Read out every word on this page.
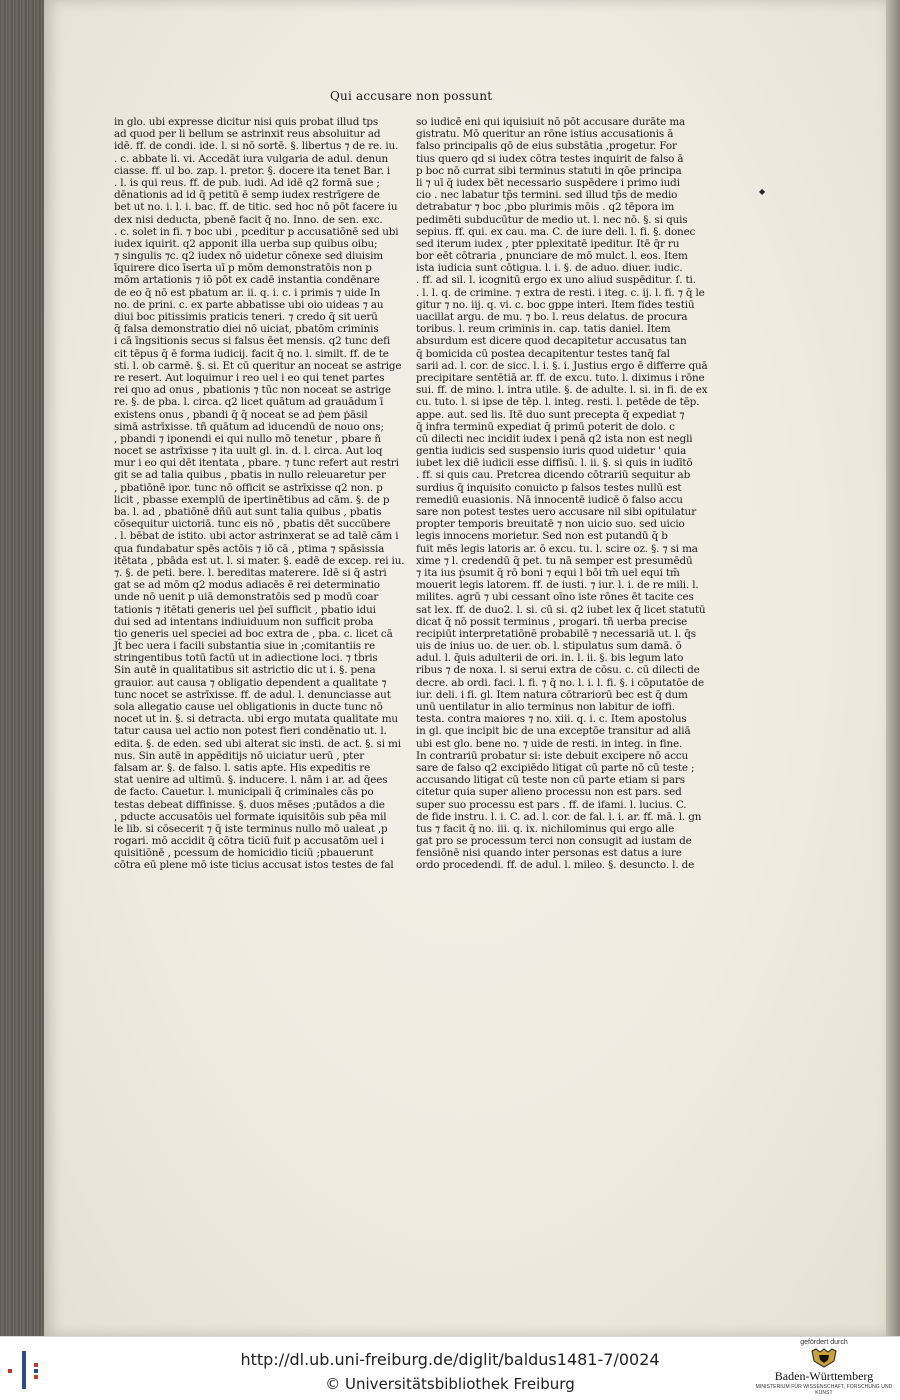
Qui accusare non possunt
in glo. ubi expresse dicitur nisi quis probat illud tps
ad quod per li bellum se astrinxit reus absoluitur ad
idē. ff. de condi. ide. l. si nō sortē. §. libertus ⁊ de re. iu.
. c. abbate li. vi. Accedāt iura vulgaria de adul. denun
ciasse. ff. ul bo. zap. l. pretor. §. docere ita tenet Bar. i
. l. is qui reus. ff. de pub. iudi. Ad idē q2 formā sue ;
dēnationis ad id q̄ petitū ē semp iudex restrīgere de
bet ut no. i. l. i. bac. ff. de titic. sed hoc nō pōt facere iu
dex nisi deducta, pbenē facit q̄ no. Inno. de sen. exc.
. c. solet in fi. ⁊ boc ubi , pceditur p accusatiōnē sed ubi
iudex iquirit. q2 apponit illa uerba sup quibus oibu;
⁊ singulis ⁊c. q2 iudex nō uidetur cōnexe sed diuisim
īquirere dico īserta uī p mōm demonstratōis non p
mōm artationis ⁊ iō pōt ex cadē instantia condēnare
de eo q̄ nō est pbatum ar. ii. q. i. c. i primis ⁊ uide In
no. de prini. c. ex parte abbatisse ubi oio uideas ⁊ au
diui boc pitissimis praticis teneri. ⁊ credo q̄ sit uerū
q̄ falsa demonstratio diei nō uiciat, pbatōm criminis
i cā īngsitionis secus si falsus ēet mensis. q2 tunc defi
cit tēpus q̄ ē forma iudicij. facit q̄ no. l. similt. ff. de te
sti. l. ob carmē. §. si. Et cū queritur an noceat se astrige
re resert. Aut loquimur i reo uel i eo qui tenet partes
rei quo ad onus , pbationis ⁊ tūc non noceat se astrige
re. §. de pba. l. circa. q2 licet quātum ad grauādum ī
existens onus , pbandi q̄ q̄ noceat se ad ṗem ṗāsil
simā astrīxisse. tñ quātum ad iducendū de nouo ons;
, pbandi ⁊ iponendi ei qui nullo mō tenetur , pbare ñ
nocet se astrīxisse ⁊ ita uult gl. in. d. l. circa. Aut loq
mur i eo qui dēt itentata , pbare. ⁊ tunc refert aut restri
git se ad talia quibus , pbatis in nullo releuaretur per
, pbatiōnē ipor. tunc nō officit se astrīxisse q2 non. p
licit , pbasse exemplū de ipertinētibus ad cām. §. de p
ba. l. ad , pbatiōnē dñū aut sunt talia quibus , pbatis
cōsequitur uictoriā. tunc eis nō , pbatis dēt succūbere
. l. bēbat de istito. ubi actor astrinxerat se ad talē cām i
qua fundabatur spēs actōis ⁊ iō cā , ptima ⁊ spāsissia
itētata , pbāda est ut. l. si mater. §. eadē de excep. rei iu.
⁊. §. de peti. bere. l. bereditas materere. Idē si q̄ astri
gat se ad mōm q2 modus adiacēs ē rei determinatio
unde nō uenit p uiā demonstratōis sed p modū coar
tationis ⁊ itētati generis uel ṗeī sufficit , pbatio idui
dui sed ad intentans indiuiduum non sufficit proba
tio generis uel speciei ad boc extra de , pba. c. licet cā
Jt̄ bec uera i facili substantia siue in ;comitantiis re
stringentibus totū factū ut in adiectione loci. ⁊ tḃris
Sin autē in qualitatibus sit astrictio dic ut i. §. pena
grauior. aut causa ⁊ obligatio dependent a qualitate ⁊
tunc nocet se astrīxisse. ff. de adul. l. denunciasse aut
sola allegatio cause uel obligationis in ducte tunc nō
nocet ut in. §. si detracta. ubi ergo mutata qualitate mu
tatur causa uel actio non potest fieri condēnatio ut. l.
edita. §. de eden. sed ubi alterat sic insti. de act. §. si mi
nus. Sin autē in appēditijs nō uiciatur uerū , pter
falsam ar. §. de falso. l. satis apte. His expeditis re
stat uenire ad ultimū. §. inducere. l. nām i ar. ad q̄ees
de facto. Cauetur. l. municipali q̄ criminales cās po
testas debeat diffinisse. §. duos mēses ;putādos a die
, pducte accusatōis uel formate iquisitōis sub pēa mil
le lib. si cōsecerit ⁊ q̄ iste terminus nullo mō ualeat ,p
rogari. mō accidit q̄ cōtra ticiū fuit p accusatōm uel i
quisitiōnē , pcessum de homicidio ticiū ;pbauerunt
cōtra eū plene mō iste ticius accusat istos testes de fal
so iudicē eni qui iquisiuit nō pōt accusare durāte ma
gistratu. Mō queritur an rōne istius accusationis ā
falso principalis qō de eius substātia ,progetur. For
tius quero qd si iudex cōtra testes inquirit de falso ā
p boc nō currat sibi terminus statuti in qōe principa
li ⁊ uī q̄ iudex bēt necessario suspēdere i primo iudi
cio . nec labatur tp̄s termini. sed illud tp̄s de medio
detrabatur ⁊ boc ,pbo plurimis mōis . q2 tēpora im
pedimēti subducūtur de medio ut. l. nec nō. §. si quis
sepius. ff. qui. ex cau. ma. C. de iure deli. l. fi. §. donec
sed iterum iudex , pter pplexitatē ipeditur. Itē q̄r ru
bor eēt cōtraria , pnunciare de mō mulct. l. eos. Item
ista iudicia sunt cōtigua. l. i. §. de aduo. diuer. iudic.
. ff. ad sil. l. icognitū ergo ex uno aliud suspēditur. ſ. ti.
. l. l. q. de crimine. ⁊ extra de resti. i iteg. c. ij. l. fi. ⁊ q̄ le
gitur ⁊ no. iij. q. vi. c. boc gppe interi. Item fides testiū
uacillat argu. de mu. ⁊ bo. l. reus delatus. de procura
toribus. l. reum criminis in. cap. tatis daniel. Item
absurdum est dicere quod decapitetur accusatus tan
q̄ bomicida cū postea decapitentur testes tanq̄ fal
sarii ad. l. cor. de sicc. l. i. §. i. Justius ergo ē differre quā
precipitare sentētiā ar. ff. de excu. tuto. l. diximus i rōne
sui. ff. de mino. l. intra utile. §. de adulte. l. si. in fi. de ex
cu. tuto. l. si ipse de tēp. l. integ. resti. l. petēde de tēp.
appe. aut. sed lis. Itē duo sunt precepta q̄ expediat ⁊
q̄ infra terminū expediat q̄ primū poterit de dolo. c
cū dilecti nec incidit iudex i penā q2 ista non est negli
gentia iudicis sed suspensio iuris quod uidetur ' quia
iubet lex diē iudicii esse diffisū. l. ii. §. si quis in iudītō
. ff. si quis cau. Pretcrea dicendo cōtrariū sequitur ab
surdius q̄ inquisito conuicto p falsos testes nullū est
remediū euasionis. Nā innocentē iudicē ō falso accu
sare non potest testes uero accusare nil sibi opitulatur
propter temporis breuitatē ⁊ non uicio suo. sed uicio
legis innocens morietur. Sed non est putandū q̄ b
fuit mēs legis latoris ar. ō excu. tu. l. scire oz. §. ⁊ si ma
xime ⁊ l. credendū q̄ pet. tu nā semper est presumēdū
⁊ ita ius ṗsumit q̄ rō boni ⁊ equi l bōi tm̄ uel equi tm̄
mouerit legis latorem. ff. de iusti. ⁊ iur. l. i. de re mili. l.
milites. agrū ⁊ ubi cessant oīno iste rōnes ēt tacite ces
sat lex. ff. de duo2. l. si. cū si. q2 iubet lex q̄ licet statutū
dicat q̄ nō possit terminus , progari. tñ uerba precise
recipiūt interpretatiōnē probabilē ⁊ necessariā ut. l. q̄s
uis de inius uo. de uer. ob. l. stipulatus sum damā. ō
adul. l. q̄uis adulterii de ori. in. l. ii. §. bis legum lato
ribus ⁊ de noxa. l. si serui extra de cōsu. c. cū dilecti de
decre. ab ordi. faci. l. fi. ⁊ q̄ no. l. i. l. fi. §. i cōputatōe de
iur. deli. i fi. gl. Item natura cōtrariorū bec est q̄ dum
unū uentilatur in alio terminus non labitur de ioffi.
testa. contra maiores ⁊ no. xiii. q. i. c. Item apostolus
in gl. que incipit bic de una exceptōe transitur ad aliā
ubi est glo. bene no. ⁊ uide de resti. in integ. in fine.
In contrariū probatur si: iste debuit excipere nō accu
sare de falso q2 excipiēdo litigat cū parte nō cū teste ;
accusando litigat cū teste non cū parte etiam si pars
citetur quia super alieno processu non est pars. sed
super suo processu est pars . ff. de ifami. l. lucius. C.
de fide instru. l. i. C. ad. l. cor. de fal. l. i. ar. ff. mā. l. gn
tus ⁊ facit q̄ no. iii. q. ix. nichilominus qui ergo alle
gat pro se processum terci non consugit ad iustam de
fensiōnē nisi quando inter personas est datus a iure
ordo procedendi. ff. de adul. l. mileo. §. desuncto. l. de
◆
http://dl.ub.uni-freiburg.de/diglit/baldus1481-7/0024
© Universitätsbibliothek Freiburg
gefördert durch
Baden-Württemberg
MINISTERIUM FÜR WISSENSCHAFT, FORSCHUNG UND KUNST
